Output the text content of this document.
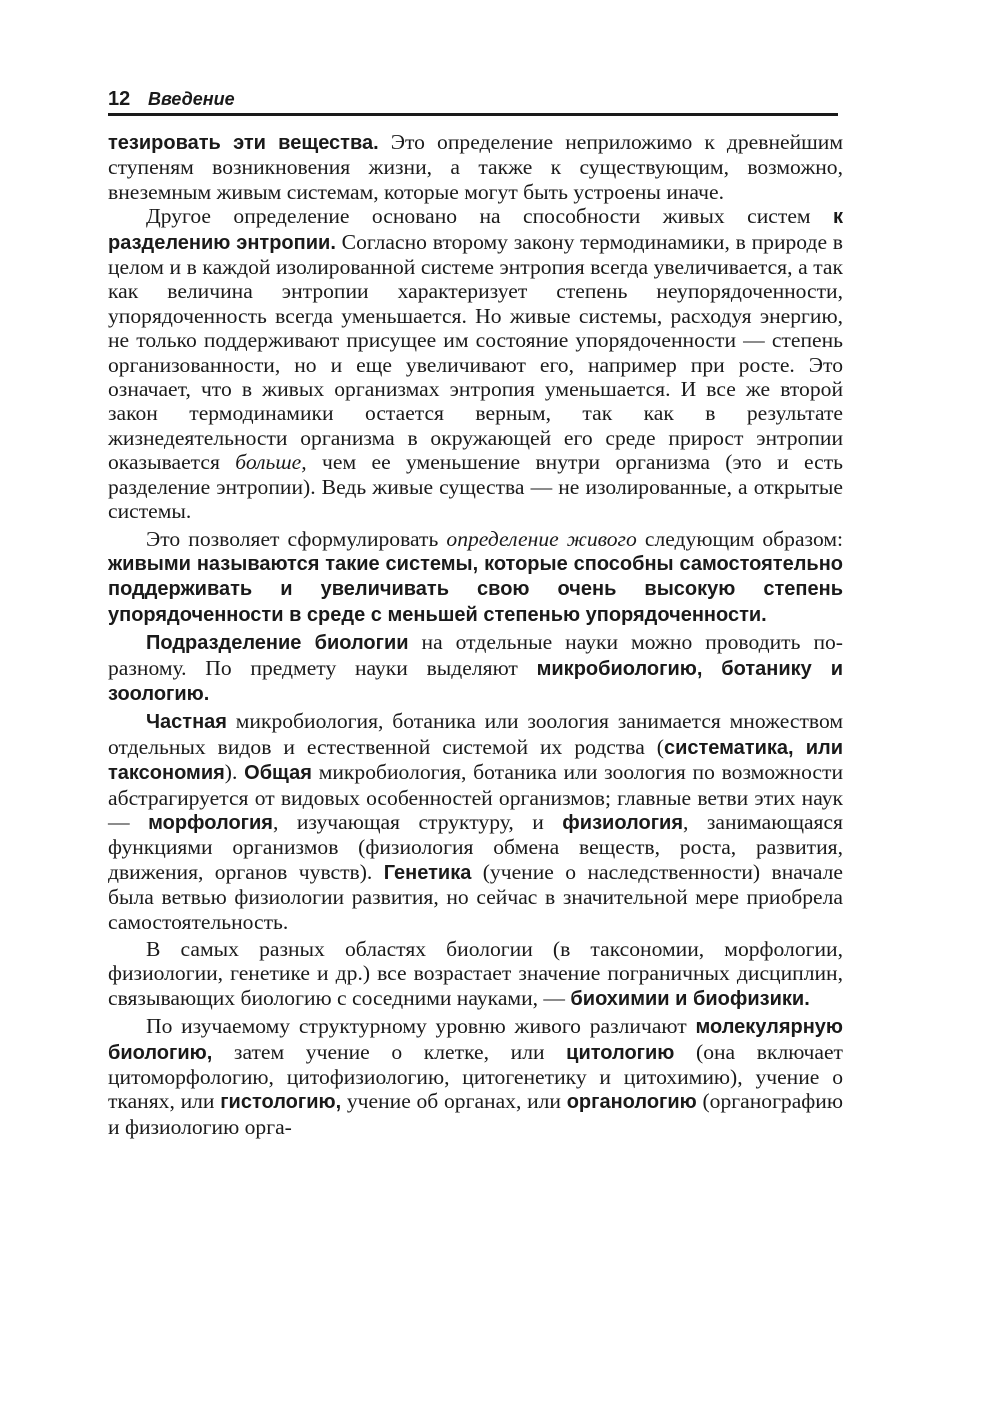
12 Введение

тезировать эти вещества. Это определение неприложимо к древнейшим ступеням возникновения жизни, а также к существующим, возможно, внеземным живым системам, которые могут быть устроены иначе.

Другое определение основано на способности живых систем к разделению энтропии. Согласно второму закону термодинамики, в природе в целом и в каждой изолированной системе энтропия всегда увеличивается, а так как величина энтропии характеризует степень неупорядоченности, упорядоченность всегда уменьшается. Но живые системы, расходуя энергию, не только поддерживают присущее им состояние упорядоченности — степень организованности, но и еще увеличивают его, например при росте. Это означает, что в живых организмах энтропия уменьшается. И все же второй закон термодинамики остается верным, так как в результате жизнедеятельности организма в окружающей его среде прирост энтропии оказывается больше, чем ее уменьшение внутри организма (это и есть разделение энтропии). Ведь живые существа — не изолированные, а открытые системы.

Это позволяет сформулировать определение живого следующим образом: живыми называются такие системы, которые способны самостоятельно поддерживать и увеличивать свою очень высокую степень упорядоченности в среде с меньшей степенью упорядоченности.

Подразделение биологии на отдельные науки можно проводить по-разному. По предмету науки выделяют микробиологию, ботанику и зоологию.

Частная микробиология, ботаника или зоология занимается множеством отдельных видов и естественной системой их родства (систематика, или таксономия). Общая микробиология, ботаника или зоология по возможности абстрагируется от видовых особенностей организмов; главные ветви этих наук — морфология, изучающая структуру, и физиология, занимающаяся функциями организмов (физиология обмена веществ, роста, развития, движения, органов чувств). Генетика (учение о наследственности) вначале была ветвью физиологии развития, но сейчас в значительной мере приобрела самостоятельность.

В самых разных областях биологии (в таксономии, морфологии, физиологии, генетике и др.) все возрастает значение пограничных дисциплин, связывающих биологию с соседними науками, — биохимии и биофизики.

По изучаемому структурному уровню живого различают молекулярную биологию, затем учение о клетке, или цитологию (она включает цитоморфологию, цитофизиологию, цитогенетику и цитохимию), учение о тканях, или гистологию, учение об органах, или органологию (органографию и физиологию орга-
